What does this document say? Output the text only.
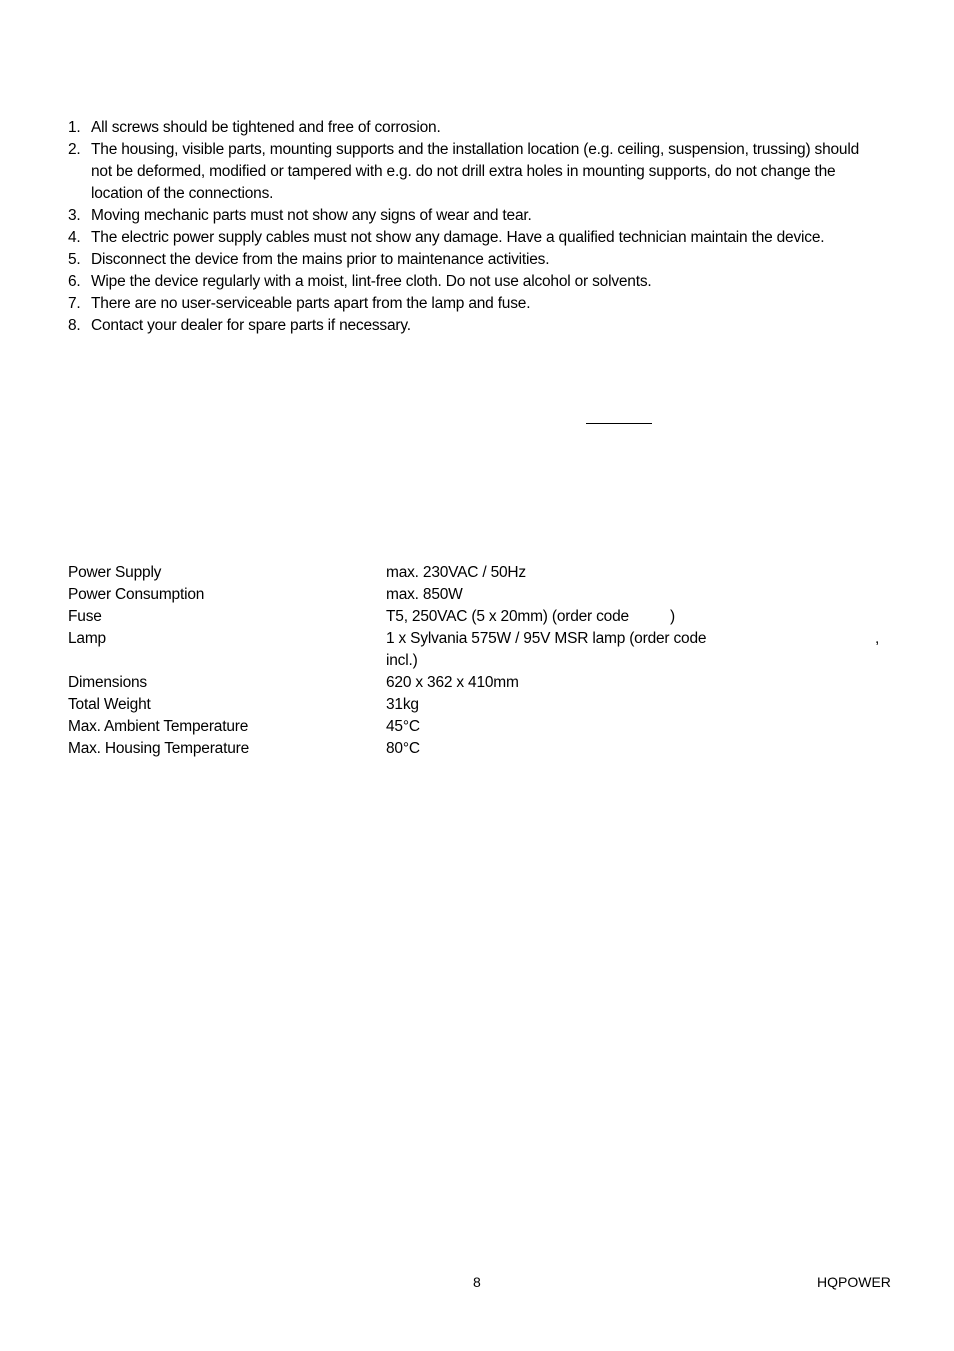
1. All screws should be tightened and free of corrosion.
2. The housing, visible parts, mounting supports and the installation location (e.g. ceiling, suspension, trussing) should not be deformed, modified or tampered with e.g. do not drill extra holes in mounting supports, do not change the location of the connections.
3. Moving mechanic parts must not show any signs of wear and tear.
4. The electric power supply cables must not show any damage. Have a qualified technician maintain the device.
5. Disconnect the device from the mains prior to maintenance activities.
6. Wipe the device regularly with a moist, lint-free cloth. Do not use alcohol or solvents.
7. There are no user-serviceable parts apart from the lamp and fuse.
8. Contact your dealer for spare parts if necessary.
Power Supply	max. 230VAC / 50Hz
Power Consumption	max. 850W
Fuse	T5, 250VAC (5 x 20mm) (order code          )
Lamp	1 x Sylvania 575W / 95V MSR lamp (order code	,
incl.)
Dimensions	620 x 362 x 410mm
Total Weight	31kg
Max. Ambient Temperature	45°C
Max. Housing Temperature	80°C
8	HQPOWER
